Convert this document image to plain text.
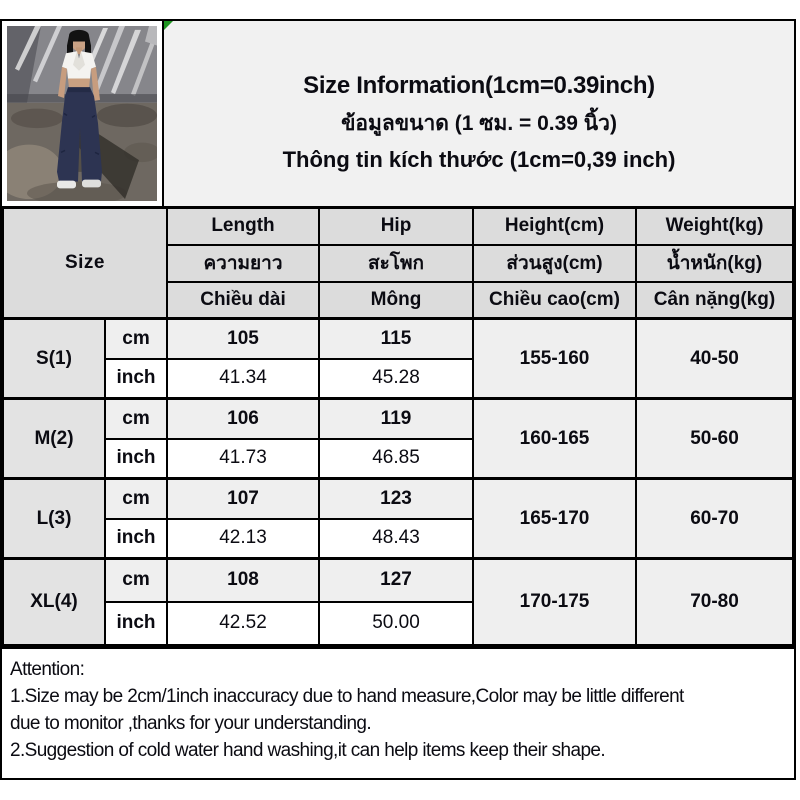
Size Information(1cm=0.39inch)
ข้อมูลขนาด (1 ซม. = 0.39 นิ้ว)
Thông tin kích thước (1cm=0,39 inch)
Size		Length	Hip	Height(cm)	Weight(kg)
		ความยาว	สะโพก	ส่วนสูง(cm)	น้ำหนัก(kg)
		Chiều dài	Mông	Chiều cao(cm)	Cân nặng(kg)
S(1)	cm	105	115	155-160	40-50
	inch	41.34	45.28		
M(2)	cm	106	119	160-165	50-60
	inch	41.73	46.85		
L(3)	cm	107	123	165-170	60-70
	inch	42.13	48.43		
XL(4)	cm	108	127	170-175	70-80
	inch	42.52	50.00		
Attention:
1.Size may be 2cm/1inch inaccuracy due to hand measure,Color may be little different
due to monitor ,thanks for your understanding.
2.Suggestion of cold water hand washing,it can help items keep their shape.
